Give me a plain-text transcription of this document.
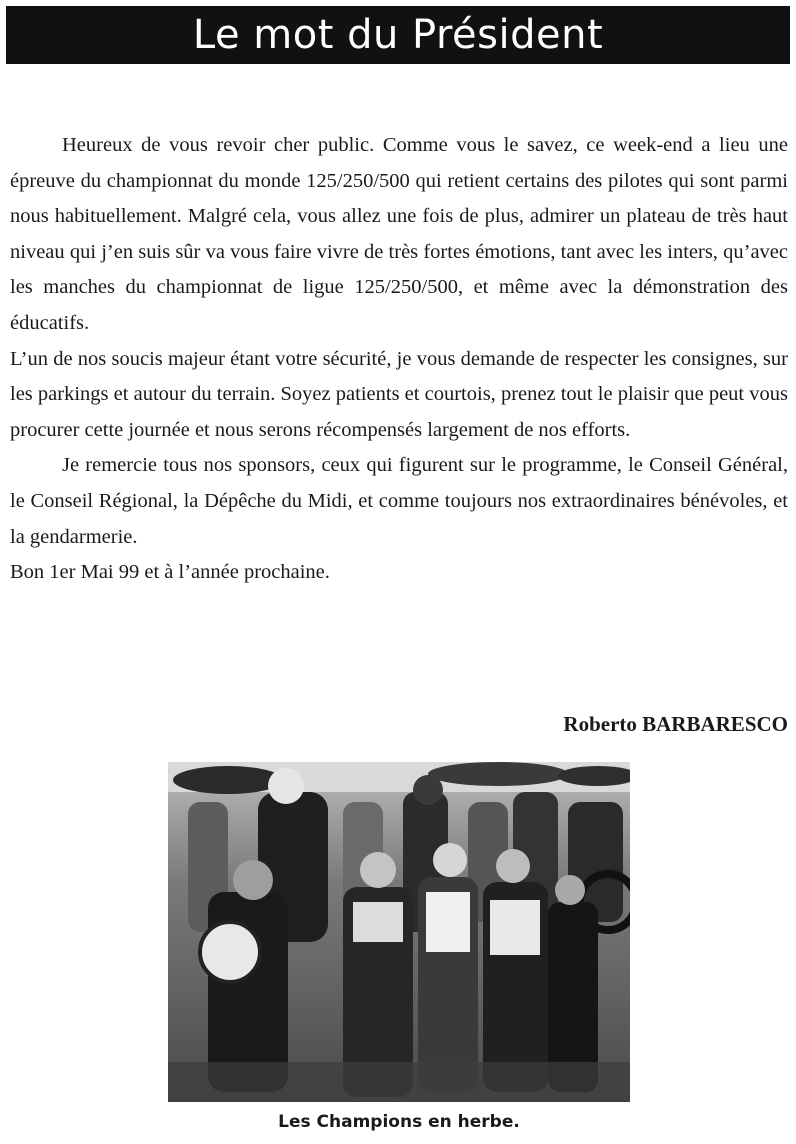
Le mot du Président

Heureux de vous revoir cher public. Comme vous le savez, ce week-end a lieu une épreuve du championnat du monde 125/250/500 qui retient certains des pilotes qui sont parmi nous habituellement. Malgré cela, vous allez une fois de plus, admirer un plateau de très haut niveau qui j’en suis sûr va vous faire vivre de très fortes émotions, tant avec les inters, qu’avec les manches du championnat de ligue 125/250/500, et même avec la démonstration des éducatifs.

L’un de nos soucis majeur étant votre sécurité, je vous demande de respecter les consignes, sur les parkings et autour du terrain. Soyez patients et courtois, prenez tout le plaisir que peut vous procurer cette journée et nous serons récompensés largement de nos efforts.

Je remercie tous nos sponsors, ceux qui figurent sur le programme, le Conseil Général, le Conseil Régional, la Dépêche du Midi, et comme toujours nos extraordinaires bénévoles, et la gendarmerie.

Bon 1er Mai 99 et à l’année prochaine.

Roberto BARBARESCO
Les Champions en herbe.
